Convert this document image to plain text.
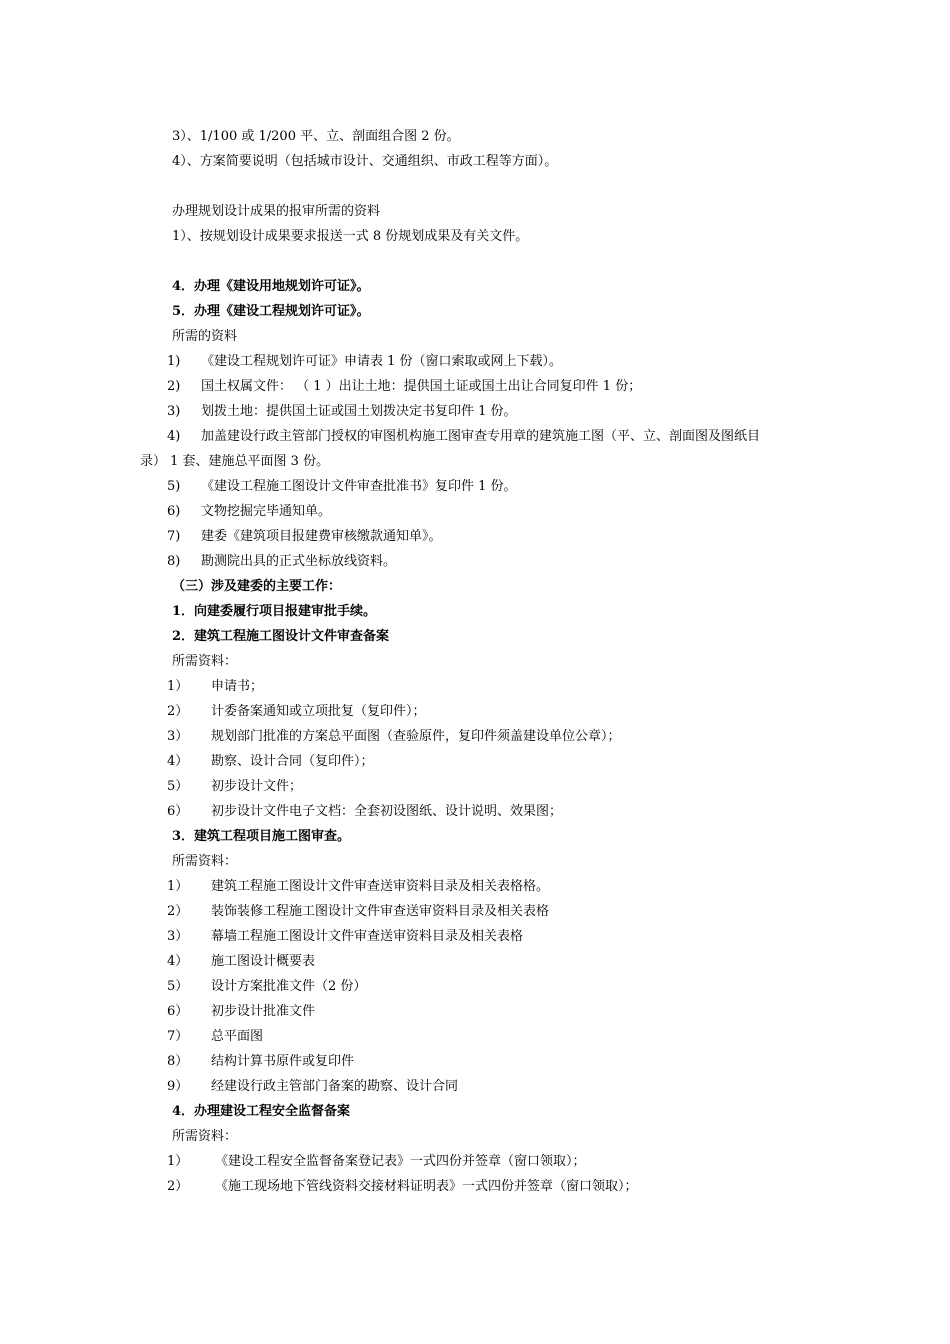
3）、1/100 或 1/200 平、立、剖面组合图 2 份。
4）、方案简要说明（包括城市设计、交通组织、市政工程等方面）。
办理规划设计成果的报审所需的资料
1）、按规划设计成果要求报送一式 8 份规划成果及有关文件。
4．办理《建设用地规划许可证》。
5．办理《建设工程规划许可证》。
所需的资料
1) 《建设工程规划许可证》申请表 1 份（窗口索取或网上下载）。
2) 国土权属文件： （ 1 ）出让土地：提供国土证或国土出让合同复印件 1 份；
3) 划拨土地：提供国土证或国土划拨决定书复印件 1 份。
4) 加盖建设行政主管部门授权的审图机构施工图审查专用章的建筑施工图（平、立、剖面图及图纸目
录） 1 套、建施总平面图 3 份。
5) 《建设工程施工图设计文件审查批准书》复印件 1 份。
6) 文物挖掘完毕通知单。
7) 建委《建筑项目报建费审核缴款通知单》。
8) 勘测院出具的正式坐标放线资料。
（三）涉及建委的主要工作：
1．向建委履行项目报建审批手续。
2．建筑工程施工图设计文件审查备案
所需资料：
1） 申请书；
2） 计委备案通知或立项批复（复印件）；
3） 规划部门批准的方案总平面图（查验原件，复印件须盖建设单位公章）；
4） 勘察、设计合同（复印件）；
5） 初步设计文件；
6） 初步设计文件电子文档：全套初设图纸、设计说明、效果图；
3．建筑工程项目施工图审查。
所需资料：
1） 建筑工程施工图设计文件审查送审资料目录及相关表格格。
2） 装饰装修工程施工图设计文件审查送审资料目录及相关表格
3） 幕墙工程施工图设计文件审查送审资料目录及相关表格
4） 施工图设计概要表
5） 设计方案批准文件（2 份）
6） 初步设计批准文件
7） 总平面图
8） 结构计算书原件或复印件
9） 经建设行政主管部门备案的勘察、设计合同
4．办理建设工程安全监督备案
所需资料：
1） 《建设工程安全监督备案登记表》一式四份并签章（窗口领取）；
2） 《施工现场地下管线资料交接材料证明表》一式四份并签章（窗口领取）；
